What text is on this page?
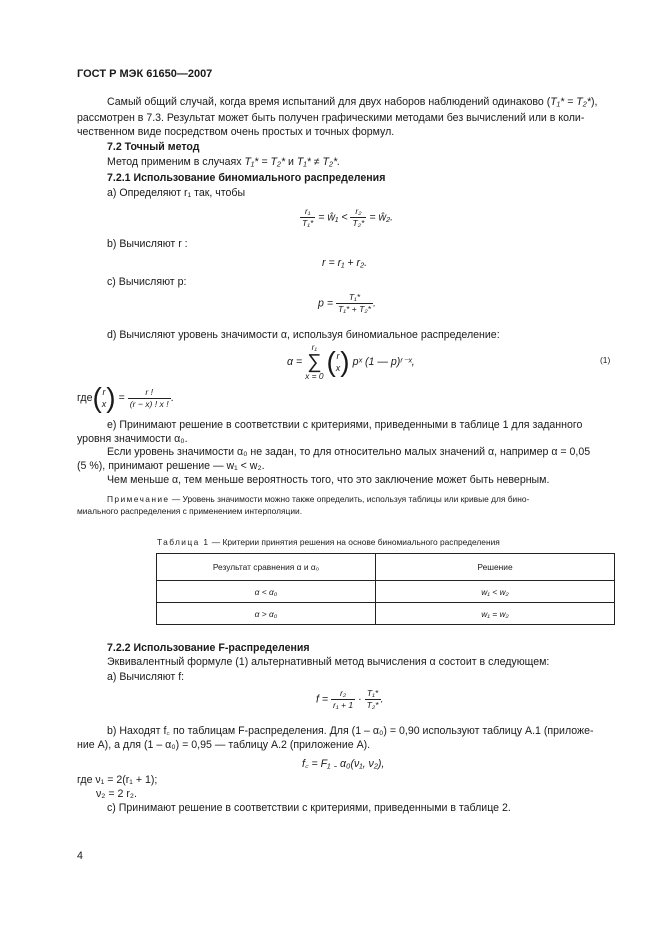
ГОСТ Р МЭК 61650—2007
Самый общий случай, когда время испытаний для двух наборов наблюдений одинаково (T₁* = T₂*),
рассмотрен в 7.3. Результат может быть получен графическими методами без вычислений или в коли-
чественном виде посредством очень простых и точных формул.
7.2 Точный метод
Метод применим в случаях T₁* = T₂* и T₁* ≠ T₂*.
7.2.1 Использование биномиального распределения
a) Определяют r₁ так, чтобы
$\frac{\text{r₁}}{\text{T₁*}}$ = ŵ₁ < $\frac{\text{r₂}}{\text{T₂*}}$ = ŵ₂.
b) Вычисляют r :
r = r₁ + r₂.
c) Вычисляют p:
$p = \frac{\text{T₁*}}{\text{T₁* + T₂*}}$ .
d) Вычисляют уровень значимости α, используя биномиальное распределение:
α =
r₁
∑
x = 0 ( r
x ) pˣ (1 — p)ʳ⁻ˣ,	(1)
где( r
x ) = $\frac{r !}{(r - x) ! x !}$ .
e) Принимают решение в соответствии с критериями, приведенными в таблице 1 для заданного
уровня значимости α₀.
Если уровень значимости α₀ не задан, то для относительно малых значений α, например α = 0,05
(5 %), принимают решение — w₁ < w₂.
Чем меньше α, тем меньше вероятность того, что это заключение может быть неверным.
Примечание — Уровень значимости можно также определить, используя таблицы или кривые для бино-
миального распределения с применением интерполяции.
Таблица 1 — Критерии принятия решения на основе биномиального распределения
Результат сравнения α и α₀	Решение
α < α₀	w₁ < w₂
α > α₀	w₁ = w₂
7.2.2 Использование F-распределения
Эквивалентный формуле (1) альтернативный метод вычисления α состоит в следующем:
a) Вычисляют f:
$f = \frac{\text{r₂}}{\text{r₁ + 1}} \cdot \frac{\text{T₁*}}{\text{T₂*}}$ .
b) Находят f꜀ по таблицам F-распределения. Для (1 – α₀) = 0,90 используют таблицу А.1 (приложе-
ние А), а для (1 – α₀) = 0,95 — таблицу А.2 (приложение А).
f꜀ = F₁ ₋ α₀(ν₁, ν₂),
где ν₁ = 2(r₁ + 1);
ν₂ = 2 r₂.
c) Принимают решение в соответствии с критериями, приведенными в таблице 2.
4
